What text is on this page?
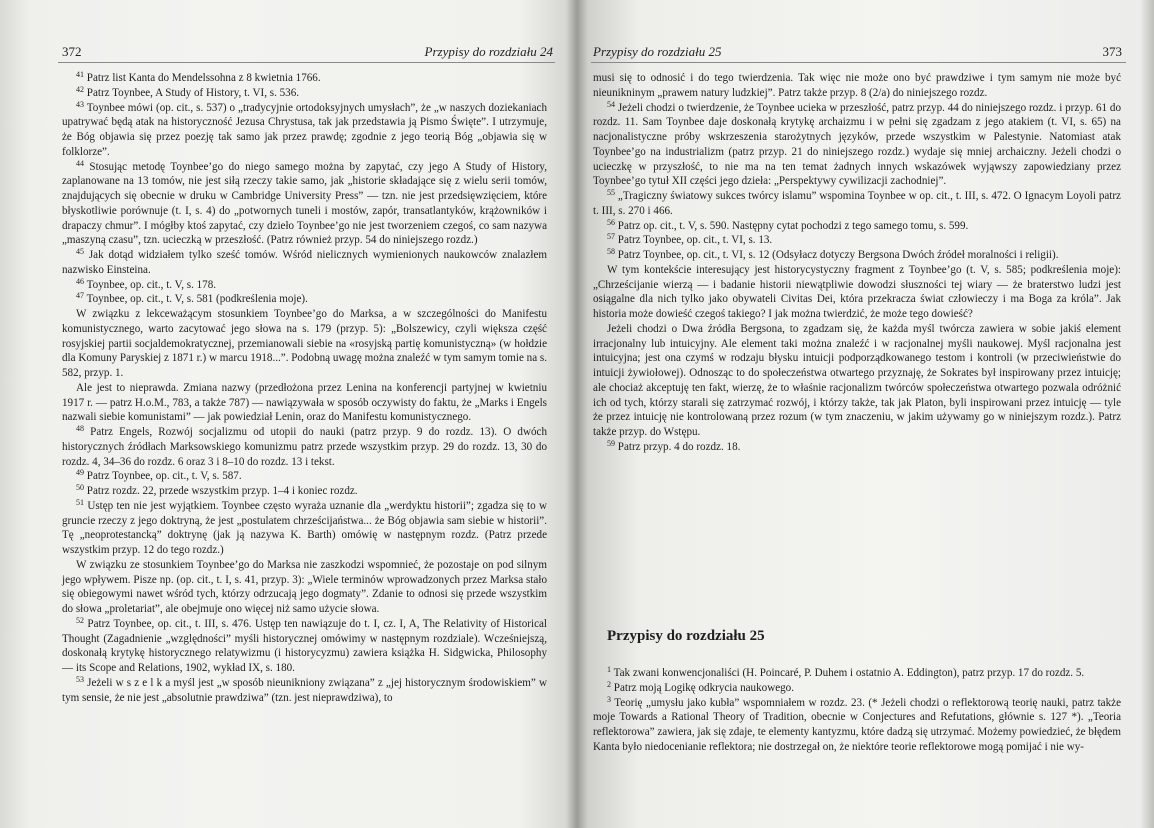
372	Przypisy do rozdziału 24

$^{41}$ Patrz list Kanta do Mendelssohna z 8 kwietnia 1766.

$^{42}$ Patrz Toynbee, A Study of History, t. VI, s. 536.

$^{43}$ Toynbee mówi (op. cit., s. 537) o „tradycyjnie ortodoksyjnych umysłach”, że „w naszych doziekaniach upatrywać będą atak na historyczność Jezusa Chrystusa, tak jak przedstawia ją Pismo Święte”. I utrzymuje, że Bóg objawia się przez poezję tak samo jak przez prawdę; zgodnie z jego teorią Bóg „objawia się w folklorze”.

$^{44}$ Stosując metodę Toynbee’go do niego samego można by zapytać, czy jego A Study of History, zaplanowane na 13 tomów, nie jest siłą rzeczy takie samo, jak „historie składające się z wielu serii tomów, znajdujących się obecnie w druku w Cambridge University Press” — tzn. nie jest przedsięwzięciem, które błyskotliwie porównuje (t. I, s. 4) do „potwornych tuneli i mostów, zapór, transatlantyków, krążowników i drapaczy chmur”. I mógłby ktoś zapytać, czy dzieło Toynbee’go nie jest tworzeniem czegoś, co sam nazywa „maszyną czasu”, tzn. ucieczką w przeszłość. (Patrz również przyp. 54 do niniejszego rozdz.)

$^{45}$ Jak dotąd widziałem tylko sześć tomów. Wśród nielicznych wymienionych naukowców znalazłem nazwisko Einsteina.

$^{46}$ Toynbee, op. cit., t. V, s. 178.

$^{47}$ Toynbee, op. cit., t. V, s. 581 (podkreślenia moje).

W związku z lekceważącym stosunkiem Toynbee’go do Marksa, a w szczególności do Manifestu komunistycznego, warto zacytować jego słowa na s. 179 (przyp. 5): „Bolszewicy, czyli większa część rosyjskiej partii socjaldemokratycznej, przemianowali siebie na «rosyjską partię komunistyczną» (w hołdzie dla Komuny Paryskiej z 1871 r.) w marcu 1918...”. Podobną uwagę można znaleźć w tym samym tomie na s. 582, przyp. 1.

Ale jest to nieprawda. Zmiana nazwy (przedłożona przez Lenina na konferencji partyjnej w kwietniu 1917 r. — patrz H.o.M., 783, a także 787) — nawiązywała w sposób oczywisty do faktu, że „Marks i Engels nazwali siebie komunistami” — jak powiedział Lenin, oraz do Manifestu komunistycznego.

$^{48}$ Patrz Engels, Rozwój socjalizmu od utopii do nauki (patrz przyp. 9 do rozdz. 13). O dwóch historycznych źródłach Marksowskiego komunizmu patrz przede wszystkim przyp. 29 do rozdz. 13, 30 do rozdz. 4, 34–36 do rozdz. 6 oraz 3 i 8–10 do rozdz. 13 i tekst.

$^{49}$ Patrz Toynbee, op. cit., t. V, s. 587.

$^{50}$ Patrz rozdz. 22, przede wszystkim przyp. 1–4 i koniec rozdz.

$^{51}$ Ustęp ten nie jest wyjątkiem. Toynbee często wyraża uznanie dla „werdyktu historii”; zgadza się to w gruncie rzeczy z jego doktryną, że jest „postulatem chrześcijaństwa... że Bóg objawia sam siebie w historii”. Tę „neoprotestancką” doktrynę (jak ją nazywa K. Barth) omówię w następnym rozdz. (Patrz przede wszystkim przyp. 12 do tego rozdz.)

W związku ze stosunkiem Toynbee’go do Marksa nie zaszkodzi wspomnieć, że pozostaje on pod silnym jego wpływem. Pisze np. (op. cit., t. I, s. 41, przyp. 3): „Wiele terminów wprowadzonych przez Marksa stało się obiegowymi nawet wśród tych, którzy odrzucają jego dogmaty”. Zdanie to odnosi się przede wszystkim do słowa „proletariat”, ale obejmuje ono więcej niż samo użycie słowa.

$^{52}$ Patrz Toynbee, op. cit., t. III, s. 476. Ustęp ten nawiązuje do t. I, cz. I, A, The Relativity of Historical Thought (Zagadnienie „względności” myśli historycznej omówimy w następnym rozdziale). Wcześniejszą, doskonałą krytykę historycznego relatywizmu (i historycyzmu) zawiera książka H. Sidgwicka, Philosophy — its Scope and Relations, 1902, wykład IX, s. 180.

$^{53}$ Jeżeli w s z e l k a myśl jest „w sposób nieunikniony związana” z „jej historycznym środowiskiem” w tym sensie, że nie jest „absolutnie prawdziwa” (tzn. jest nieprawdziwa), to

Przypisy do rozdziału 25	373

musi się to odnosić i do tego twierdzenia. Tak więc nie może ono być prawdziwe i tym samym nie może być nieunikninym „prawem natury ludzkiej”. Patrz także przyp. 8 (2/a) do niniejszego rozdz.

$^{54}$ Jeżeli chodzi o twierdzenie, że Toynbee ucieka w przeszłość, patrz przyp. 44 do niniejszego rozdz. i przyp. 61 do rozdz. 11. Sam Toynbee daje doskonałą krytykę archaizmu i w pełni się zgadzam z jego atakiem (t. VI, s. 65) na nacjonalistyczne próby wskrzeszenia starożytnych języków, przede wszystkim w Palestynie. Natomiast atak Toynbee’go na industrializm (patrz przyp. 21 do niniejszego rozdz.) wydaje się mniej archaiczny. Jeżeli chodzi o ucieczkę w przyszłość, to nie ma na ten temat żadnych innych wskazówek wyjąwszy zapowiedziany przez Toynbee’go tytuł XII części jego dzieła: „Perspektywy cywilizacji zachodniej”.

$^{55}$ „Tragiczny światowy sukces twórcy islamu” wspomina Toynbee w op. cit., t. III, s. 472. O Ignacym Loyoli patrz t. III, s. 270 i 466.

$^{56}$ Patrz op. cit., t. V, s. 590. Następny cytat pochodzi z tego samego tomu, s. 599.

$^{57}$ Patrz Toynbee, op. cit., t. VI, s. 13.

$^{58}$ Patrz Toynbee, op. cit., t. VI, s. 12 (Odsyłacz dotyczy Bergsona Dwóch źródeł moralności i religii).

W tym kontekście interesujący jest historycystyczny fragment z Toynbee’go (t. V, s. 585; podkreślenia moje): „Chrześcijanie wierzą — i badanie historii niewątpliwie dowodzi słuszności tej wiary — że braterstwo ludzi jest osiągalne dla nich tylko jako obywateli Civitas Dei, która przekracza świat człowieczy i ma Boga za króla”. Jak historia może dowieść czegoś takiego? I jak można twierdzić, że może tego dowieść?

Jeżeli chodzi o Dwa źródła Bergsona, to zgadzam się, że każda myśl twórcza zawiera w sobie jakiś element irracjonalny lub intuicyjny. Ale element taki można znaleźć i w racjonalnej myśli naukowej. Myśl racjonalna jest intuicyjna; jest ona czymś w rodzaju błysku intuicji podporządkowanego testom i kontroli (w przeciwieństwie do intuicji żywiołowej). Odnosząc to do społeczeństwa otwartego przyznaję, że Sokrates był inspirowany przez intuicję; ale chociaż akceptuję ten fakt, wierzę, że to właśnie racjonalizm twórców społeczeństwa otwartego pozwala odróżnić ich od tych, którzy starali się zatrzymać rozwój, i którzy także, tak jak Platon, byli inspirowani przez intuicję — tyle że przez intuicję nie kontrolowaną przez rozum (w tym znaczeniu, w jakim używamy go w niniejszym rozdz.). Patrz także przyp. do Wstępu.

$^{59}$ Patrz przyp. 4 do rozdz. 18.

Przypisy do rozdziału 25

$^1$ Tak zwani konwencjonaliści (H. Poincaré, P. Duhem i ostatnio A. Eddington), patrz przyp. 17 do rozdz. 5.

$^2$ Patrz moją Logikę odkrycia naukowego.

$^3$ Teorię „umysłu jako kubła” wspomniałem w rozdz. 23. (* Jeżeli chodzi o reflektorową teorię nauki, patrz także moje Towards a Rational Theory of Tradition, obecnie w Conjectures and Refutations, głównie s. 127 *). „Teoria reflektorowa” zawiera, jak się zdaje, te elementy kantyzmu, które dadzą się utrzymać. Możemy powiedzieć, że błędem Kanta było niedocenianie reflektora; nie dostrzegał on, że niektóre teorie reflektorowe mogą pomijać i nie wy-
